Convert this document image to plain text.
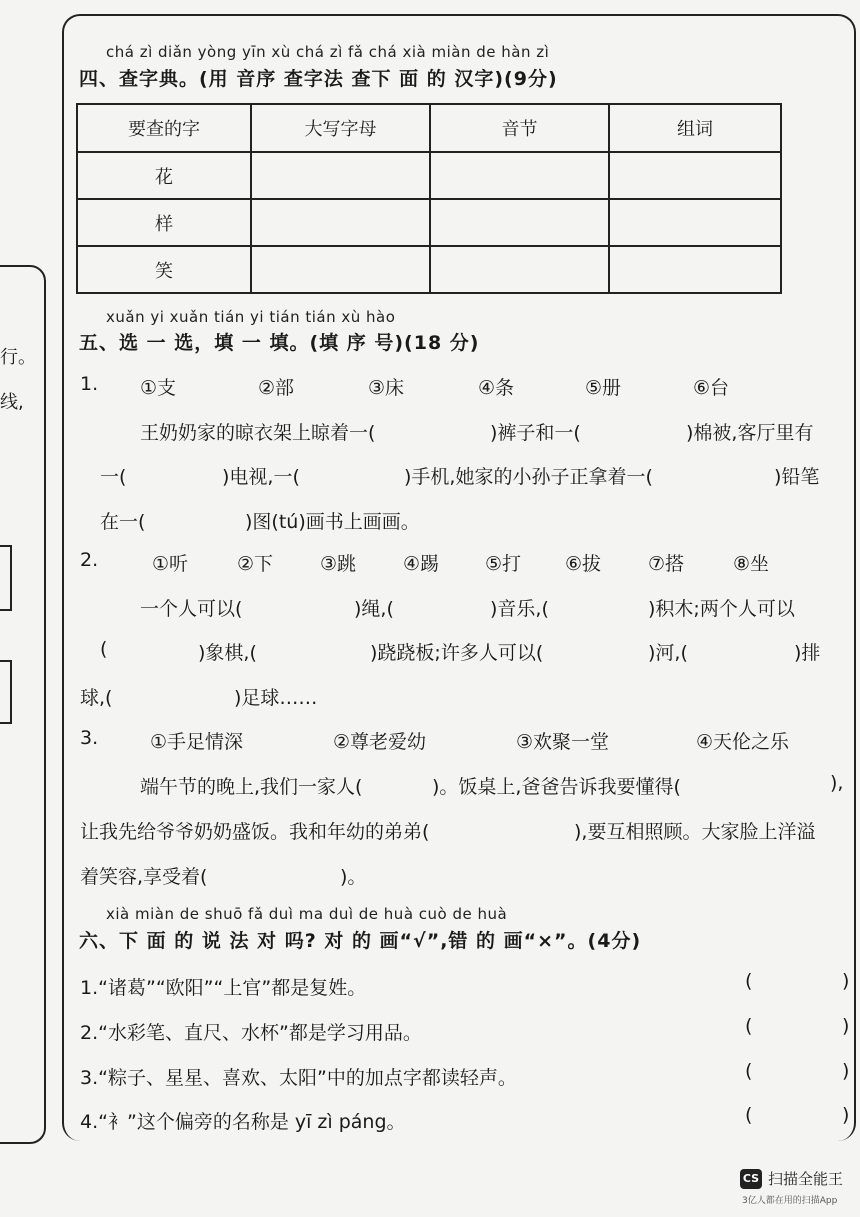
行。
线,
chá zì diǎn yòng yīn xù chá zì fǎ chá xià miàn de hàn zì
四、查字典。(用 音序 查字法 查下 面 的 汉字)(9分)
要查的字	大写字母	音节	组词
花			
样			
笑			
xuǎn yi xuǎn tián yi tián tián xù hào
五、选 一 选，填 一 填。(填 序 号)(18 分)
1. ①支	②部	③床	④条	⑤册	⑥台
王奶奶家的晾衣架上晾着一(	)裤子和一(	)棉被,客厅里有
一(	)电视,一(	)手机,她家的小孙子正拿着一(	)铅笔
在一(	)图(tú)画书上画画。
2.	①听	②下 ③跳 ④踢 ⑤打 ⑥拔 ⑦搭	⑧坐
一个人可以(	)绳,(	)音乐,(	)积木;两个人可以
(	)象棋,(	)跷跷板;许多人可以(	)河,(	)排
球,(	)足球……
3.	①手足情深	②尊老爱幼	③欢聚一堂	④天伦之乐
端午节的晚上,我们一家人(	)。饭桌上,爸爸告诉我要懂得(	),
让我先给爷爷奶奶盛饭。我和年幼的弟弟(	),要互相照顾。大家脸上洋溢
着笑容,享受着(	)。
xià miàn de shuō fǎ duì ma duì de huà cuò de huà
六、下 面 的 说 法 对 吗? 对 的 画“√”,错 的 画“×”。(4分)
1.“诸葛”“欧阳”“上官”都是复姓。	(	)
2.“水彩笔、直尺、水杯”都是学习用品。	(	)
3.“粽子、星星、喜欢、太阳”中的加点字都读轻声。	(	)
4.“衤”这个偏旁的名称是 yī zì páng。	(	)
CS 扫描全能王
3亿人都在用的扫描App
